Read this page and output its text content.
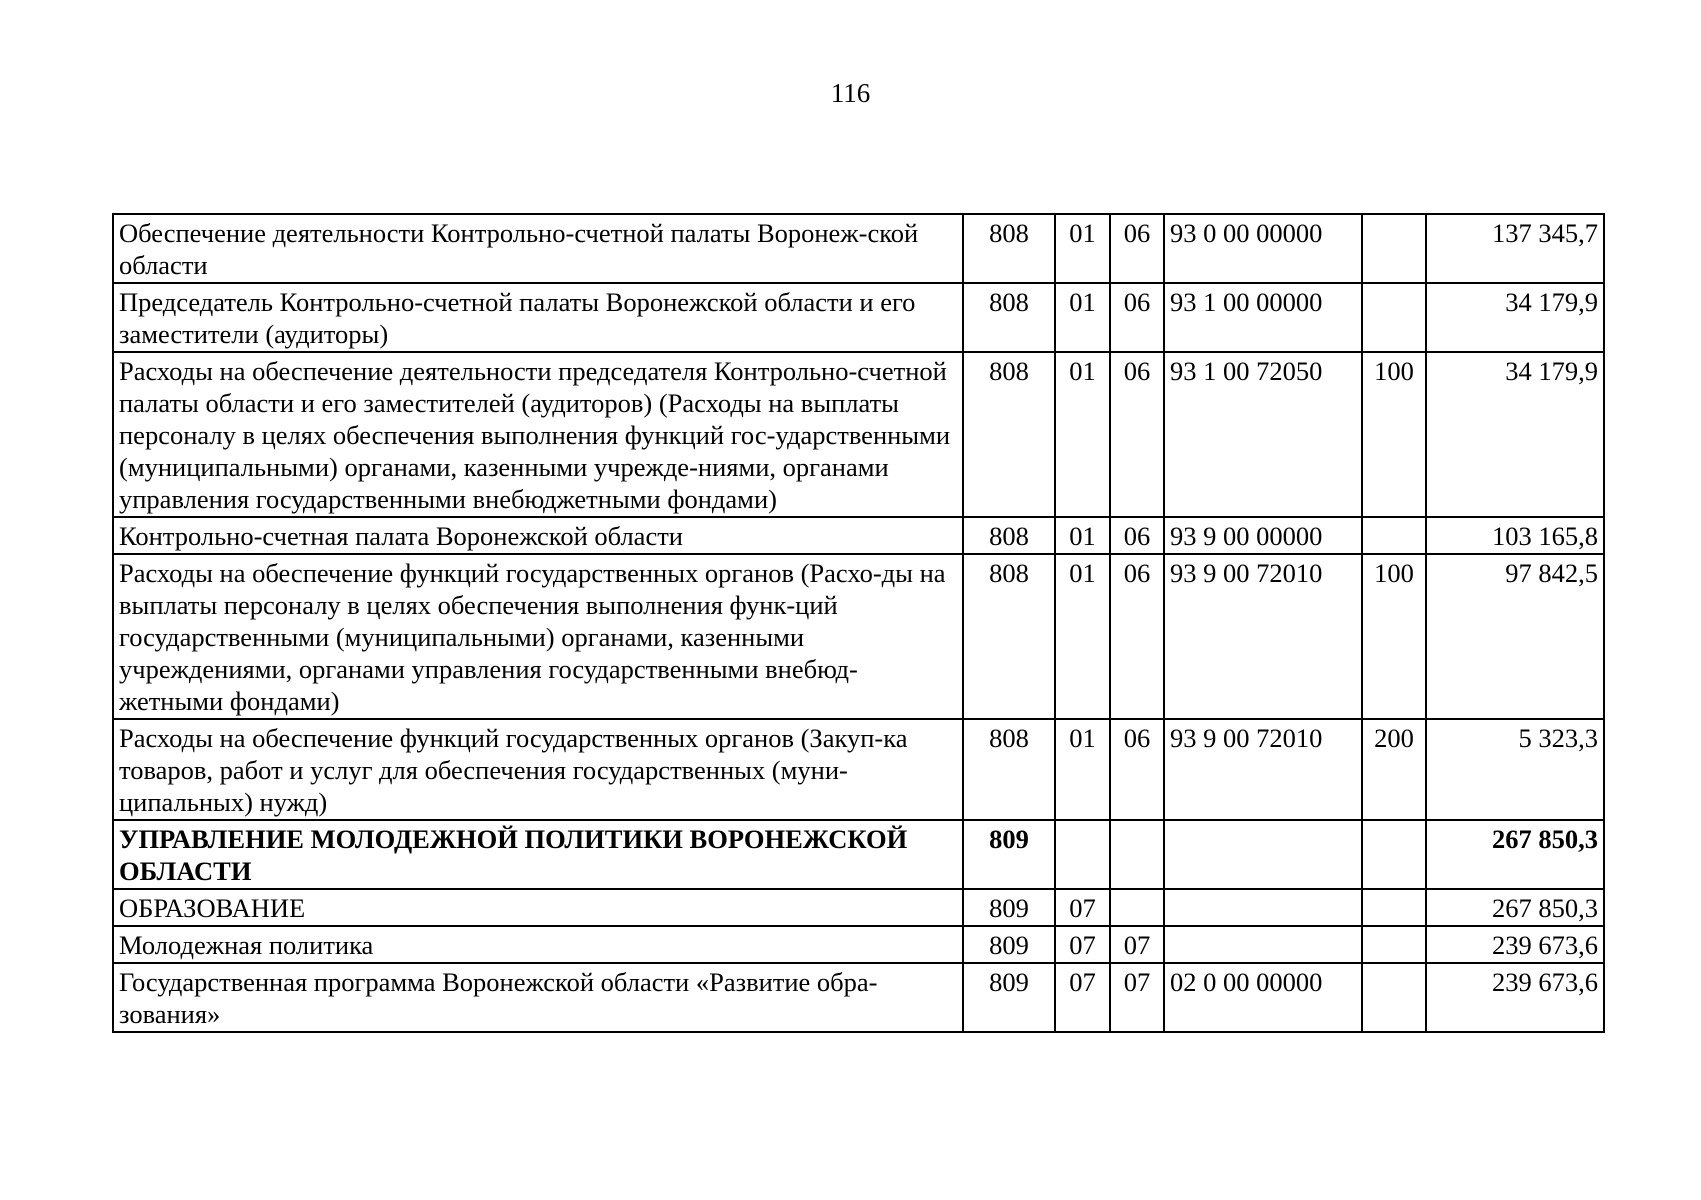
116
Обеспечение деятельности Контрольно-счетной палаты Воронеж-ской области	808	01	06	93 0 00 00000		137 345,7
Председатель Контрольно-счетной палаты Воронежской области и его заместители (аудиторы)	808	01	06	93 1 00 00000		34 179,9
Расходы на обеспечение деятельности председателя Контрольно-счетной палаты области и его заместителей (аудиторов) (Расходы на выплаты персоналу в целях обеспечения выполнения функций гос-ударственными (муниципальными) органами, казенными учрежде-ниями, органами управления государственными внебюджетными фондами)	808	01	06	93 1 00 72050	100	34 179,9
Контрольно-счетная палата Воронежской области	808	01	06	93 9 00 00000		103 165,8
Расходы на обеспечение функций государственных органов (Расхо-ды на выплаты персоналу в целях обеспечения выполнения функ-ций государственными (муниципальными) органами, казенными учреждениями, органами управления государственными внебюд-жетными фондами)	808	01	06	93 9 00 72010	100	97 842,5
Расходы на обеспечение функций государственных органов (Закуп-ка товаров, работ и услуг для обеспечения государственных (муни-ципальных) нужд)	808	01	06	93 9 00 72010	200	5 323,3
УПРАВЛЕНИЕ МОЛОДЕЖНОЙ ПОЛИТИКИ ВОРОНЕЖСКОЙ ОБЛАСТИ	809					267 850,3
ОБРАЗОВАНИЕ	809	07				267 850,3
Молодежная политика	809	07	07			239 673,6
Государственная программа Воронежской области «Развитие обра-зования»	809	07	07	02 0 00 00000		239 673,6
